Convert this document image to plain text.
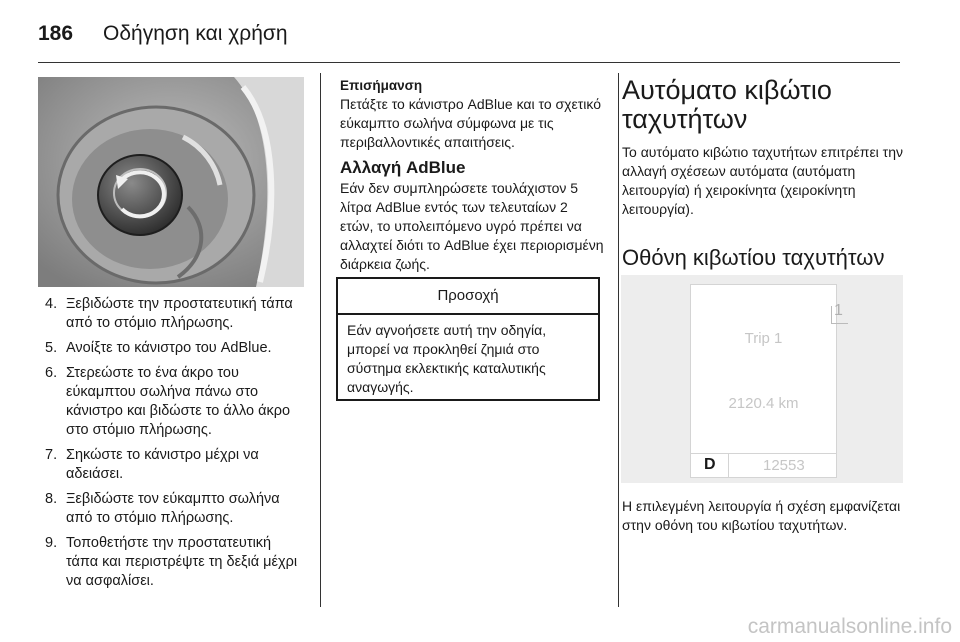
186 Οδήγηση και χρήση
4. Ξεβιδώστε την προστατευτική τάπα από το στόμιο πλήρωσης.
5. Ανοίξτε το κάνιστρο του AdBlue.
6. Στερεώστε το ένα άκρο του εύκαμπτου σωλήνα πάνω στο κάνιστρο και βιδώστε το άλλο άκρο στο στόμιο πλήρωσης.
7. Σηκώστε το κάνιστρο μέχρι να αδειάσει.
8. Ξεβιδώστε τον εύκαμπτο σωλήνα από το στόμιο πλήρωσης.
9. Τοποθετήστε την προστατευτική τάπα και περιστρέψτε τη δεξιά μέχρι να ασφαλίσει.
Επισήμανση
Πετάξτε το κάνιστρο AdBlue και το σχετικό εύκαμπτο σωλήνα σύμφωνα με τις περιβαλλοντικές απαιτήσεις.
Αλλαγή AdBlue
Εάν δεν συμπληρώσετε τουλάχιστον 5 λίτρα AdBlue εντός των τελευταίων 2 ετών, το υπολειπόμενο υγρό πρέπει να αλλαχτεί διότι το AdBlue έχει περιορισμένη διάρκεια ζωής.
Προσοχή
Εάν αγνοήσετε αυτή την οδηγία, μπορεί να προκληθεί ζημιά στο σύστημα εκλεκτικής καταλυτικής αναγωγής.
Αυτόματο κιβώτιο ταχυτήτων
Το αυτόματο κιβώτιο ταχυτήτων επιτρέπει την αλλαγή σχέσεων αυτόματα (αυτόματη λειτουργία) ή χειροκίνητα (χειροκίνητη λειτουργία).
Οθόνη κιβωτίου ταχυτήτων
1
Trip 1
2120.4 km
D	12553
Η επιλεγμένη λειτουργία ή σχέση εμφανίζεται στην οθόνη του κιβωτίου ταχυτήτων.
carmanualsonline.info
